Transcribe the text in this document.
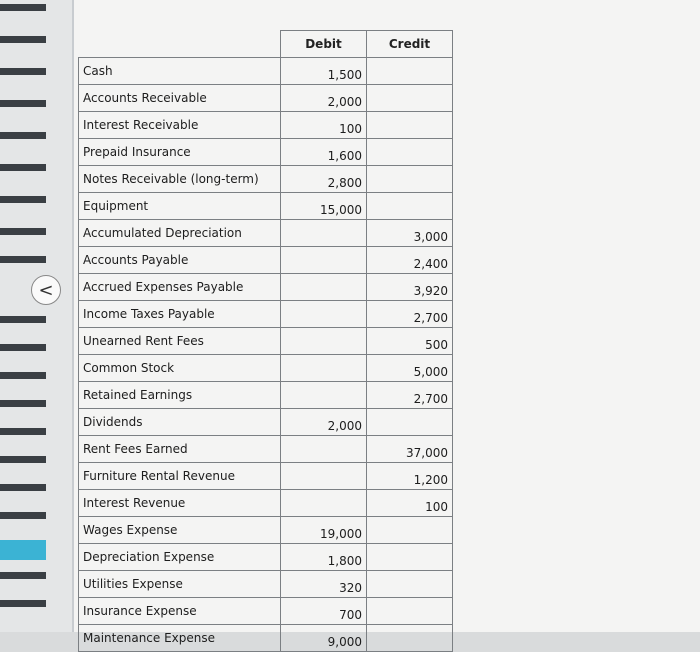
<
	Debit	Credit
Cash	1,500	
Accounts Receivable	2,000	
Interest Receivable	100	
Prepaid Insurance	1,600	
Notes Receivable (long-term)	2,800	
Equipment	15,000	
Accumulated Depreciation		3,000
Accounts Payable		2,400
Accrued Expenses Payable		3,920
Income Taxes Payable		2,700
Unearned Rent Fees		500
Common Stock		5,000
Retained Earnings		2,700
Dividends	2,000	
Rent Fees Earned		37,000
Furniture Rental Revenue		1,200
Interest Revenue		100
Wages Expense	19,000	
Depreciation Expense	1,800	
Utilities Expense	320	
Insurance Expense	700	
Maintenance Expense	9,000	
